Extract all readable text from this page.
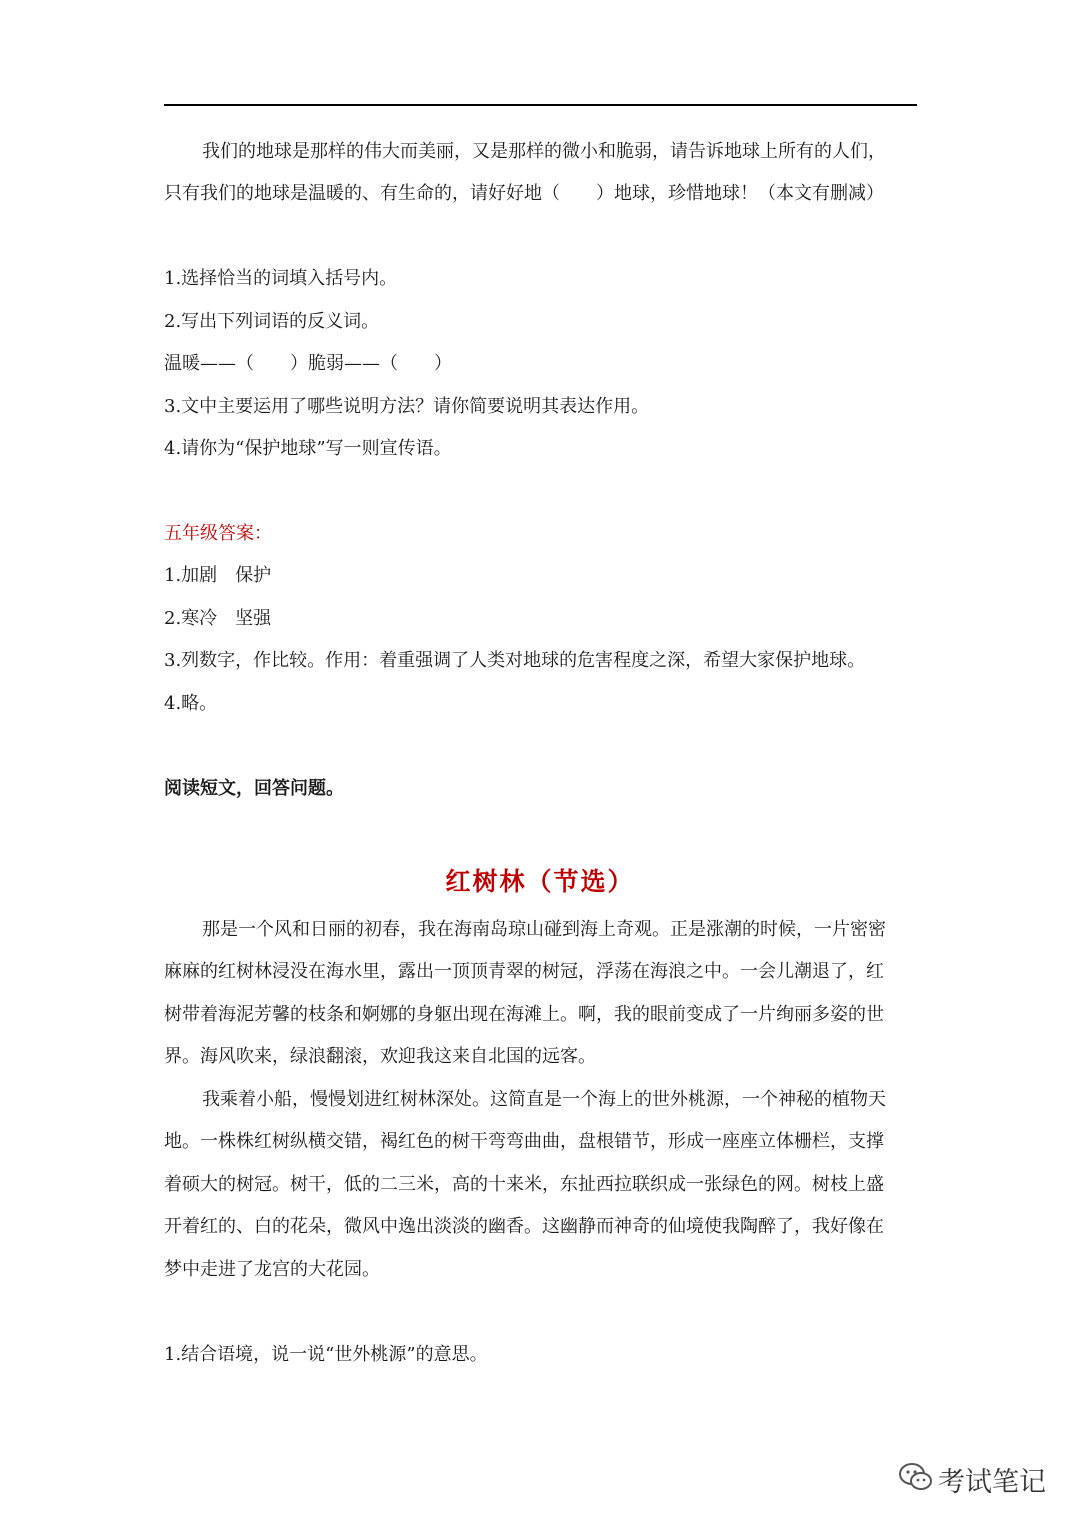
我们的地球是那样的伟大而美丽，又是那样的微小和脆弱，请告诉地球上所有的人们，
只有我们的地球是温暖的、有生命的，请好好地（　　）地球，珍惜地球！（本文有删减）
1.选择恰当的词填入括号内。
2.写出下列词语的反义词。
温暖——（　　）脆弱——（　　）
3.文中主要运用了哪些说明方法？请你简要说明其表达作用。
4.请你为“保护地球”写一则宣传语。
五年级答案：
1.加剧　保护
2.寒冷　坚强
3.列数字，作比较。作用：着重强调了人类对地球的危害程度之深，希望大家保护地球。
4.略。
阅读短文，回答问题。
红树林（节选）
那是一个风和日丽的初春，我在海南岛琼山碰到海上奇观。正是涨潮的时候，一片密密
麻麻的红树林浸没在海水里，露出一顶顶青翠的树冠，浮荡在海浪之中。一会儿潮退了，红
树带着海泥芳馨的枝条和婀娜的身躯出现在海滩上。啊，我的眼前变成了一片绚丽多姿的世
界。海风吹来，绿浪翻滚，欢迎我这来自北国的远客。
我乘着小船，慢慢划进红树林深处。这简直是一个海上的世外桃源，一个神秘的植物天
地。一株株红树纵横交错，褐红色的树干弯弯曲曲，盘根错节，形成一座座立体栅栏，支撑
着硕大的树冠。树干，低的二三米，高的十来米，东扯西拉联织成一张绿色的网。树枝上盛
开着红的、白的花朵，微风中逸出淡淡的幽香。这幽静而神奇的仙境使我陶醉了，我好像在
梦中走进了龙宫的大花园。
1.结合语境，说一说“世外桃源”的意思。
考试笔记
